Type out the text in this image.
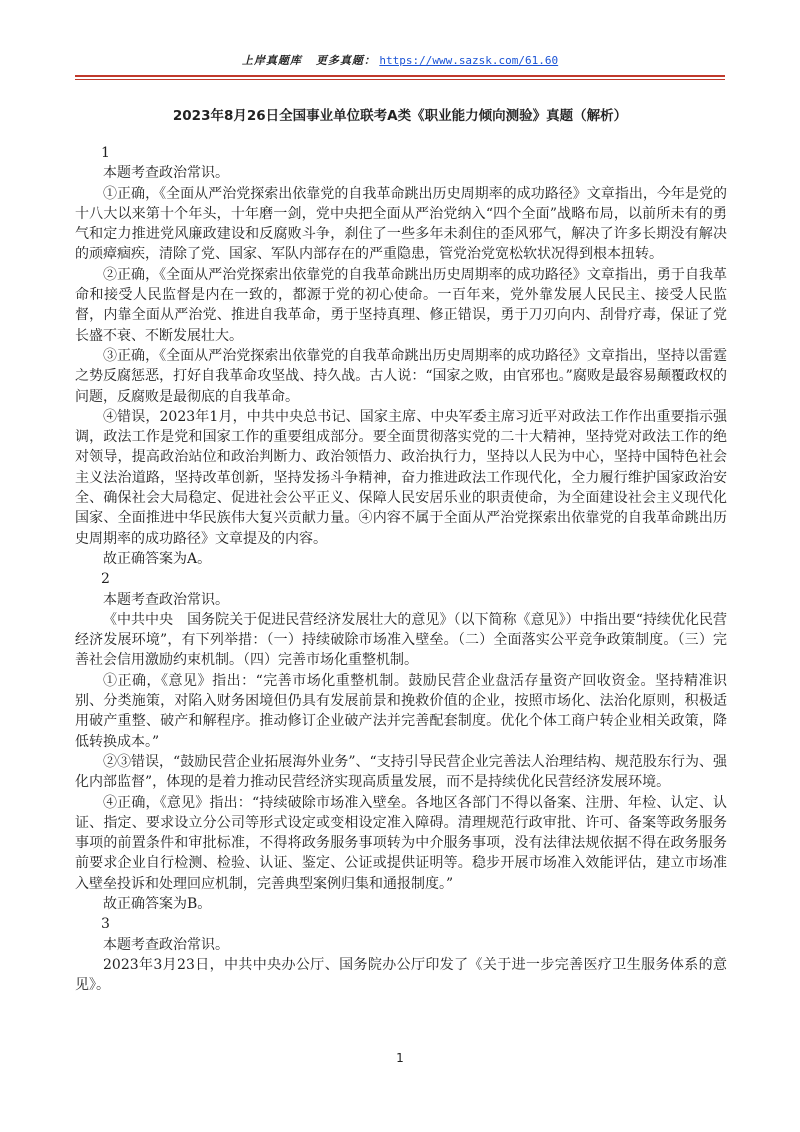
上岸真题库 更多真题： https://www.sazsk.com/61.60
2023年8月26日全国事业单位联考A类《职业能力倾向测验》真题（解析）

1

本题考查政治常识。

①正确，《全面从严治党探索出依靠党的自我革命跳出历史周期率的成功路径》文章指出，今年是党的十八大以来第十个年头，十年磨一剑，党中央把全面从严治党纳入“四个全面”战略布局，以前所未有的勇气和定力推进党风廉政建设和反腐败斗争，刹住了一些多年未刹住的歪风邪气，解决了许多长期没有解决的顽瘴痼疾，清除了党、国家、军队内部存在的严重隐患，管党治党宽松软状况得到根本扭转。

②正确，《全面从严治党探索出依靠党的自我革命跳出历史周期率的成功路径》文章指出，勇于自我革命和接受人民监督是内在一致的，都源于党的初心使命。一百年来，党外靠发展人民民主、接受人民监督，内靠全面从严治党、推进自我革命，勇于坚持真理、修正错误，勇于刀刃向内、刮骨疗毒，保证了党长盛不衰、不断发展壮大。

③正确，《全面从严治党探索出依靠党的自我革命跳出历史周期率的成功路径》文章指出，坚持以雷霆之势反腐惩恶，打好自我革命攻坚战、持久战。古人说：“国家之败，由官邪也。”腐败是最容易颠覆政权的问题，反腐败是最彻底的自我革命。

④错误，2023年1月，中共中央总书记、国家主席、中央军委主席习近平对政法工作作出重要指示强调，政法工作是党和国家工作的重要组成部分。要全面贯彻落实党的二十大精神，坚持党对政法工作的绝对领导，提高政治站位和政治判断力、政治领悟力、政治执行力，坚持以人民为中心，坚持中国特色社会主义法治道路，坚持改革创新，坚持发扬斗争精神，奋力推进政法工作现代化，全力履行维护国家政治安全、确保社会大局稳定、促进社会公平正义、保障人民安居乐业的职责使命，为全面建设社会主义现代化国家、全面推进中华民族伟大复兴贡献力量。④内容不属于全面从严治党探索出依靠党的自我革命跳出历史周期率的成功路径》文章提及的内容。

故正确答案为A。

2

本题考查政治常识。

《中共中央　国务院关于促进民营经济发展壮大的意见》（以下简称《意见》）中指出要“持续优化民营经济发展环境”，有下列举措：（一）持续破除市场准入壁垒。（二）全面落实公平竞争政策制度。（三）完善社会信用激励约束机制。（四）完善市场化重整机制。

①正确，《意见》指出：“完善市场化重整机制。鼓励民营企业盘活存量资产回收资金。坚持精准识别、分类施策，对陷入财务困境但仍具有发展前景和挽救价值的企业，按照市场化、法治化原则，积极适用破产重整、破产和解程序。推动修订企业破产法并完善配套制度。优化个体工商户转企业相关政策，降低转换成本。”

②③错误，“鼓励民营企业拓展海外业务”、“支持引导民营企业完善法人治理结构、规范股东行为、强化内部监督”，体现的是着力推动民营经济实现高质量发展，而不是持续优化民营经济发展环境。

④正确，《意见》指出：“持续破除市场准入壁垒。各地区各部门不得以备案、注册、年检、认定、认证、指定、要求设立分公司等形式设定或变相设定准入障碍。清理规范行政审批、许可、备案等政务服务事项的前置条件和审批标准，不得将政务服务事项转为中介服务事项，没有法律法规依据不得在政务服务前要求企业自行检测、检验、认证、鉴定、公证或提供证明等。稳步开展市场准入效能评估，建立市场准入壁垒投诉和处理回应机制，完善典型案例归集和通报制度。”

故正确答案为B。

3

本题考查政治常识。

2023年3月23日，中共中央办公厅、国务院办公厅印发了《关于进一步完善医疗卫生服务体系的意见》。

1
